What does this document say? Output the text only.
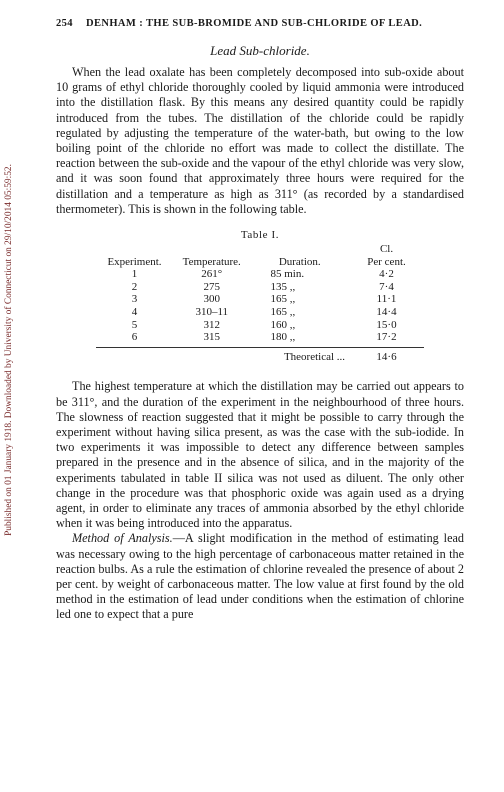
Published on 01 January 1918. Downloaded by University of Connecticut on 29/10/2014 05:59:52.
254 DENHAM : THE SUB-BROMIDE AND SUB-CHLORIDE OF LEAD.
Lead Sub-chloride.

When the lead oxalate has been completely decomposed into sub-oxide about 10 grams of ethyl chloride thoroughly cooled by liquid ammonia were introduced into the distillation flask. By this means any desired quantity could be rapidly introduced from the tubes. The distillation of the chloride could be rapidly regulated by adjusting the temperature of the water-bath, but owing to the low boiling point of the chloride no effort was made to collect the distillate. The reaction between the sub-oxide and the vapour of the ethyl chloride was very slow, and it was soon found that approximately three hours were required for the distillation and a temperature as high as 311° (as recorded by a standardised thermometer). This is shown in the following table.

Table I.
Experiment.	Temperature.	Duration.	Cl.
Per cent.

1	261°	85 min.	4·2
2	275	135 ,,	7·4
3	300	165 ,,	11·1
4	310–11	165 ,,	14·4
5	312	160 ,,	15·0
6	315	180 ,,	17·2

	Theoretical ...		14·6

The highest temperature at which the distillation may be carried out appears to be 311°, and the duration of the experiment in the neighbourhood of three hours. The slowness of reaction suggested that it might be possible to carry through the experiment without having silica present, as was the case with the sub-iodide. In two experiments it was impossible to detect any difference between samples prepared in the presence and in the absence of silica, and in the majority of the experiments tabulated in table II silica was not used as diluent. The only other change in the procedure was that phosphoric oxide was again used as a drying agent, in order to eliminate any traces of ammonia absorbed by the ethyl chloride when it was being introduced into the apparatus.

Method of Analysis.—A slight modification in the method of estimating lead was necessary owing to the high percentage of carbonaceous matter retained in the reaction bulbs. As a rule the estimation of chlorine revealed the presence of about 2 per cent. by weight of carbonaceous matter. The low value at first found by the old method in the estimation of lead under conditions when the estimation of chlorine led one to expect that a pure
